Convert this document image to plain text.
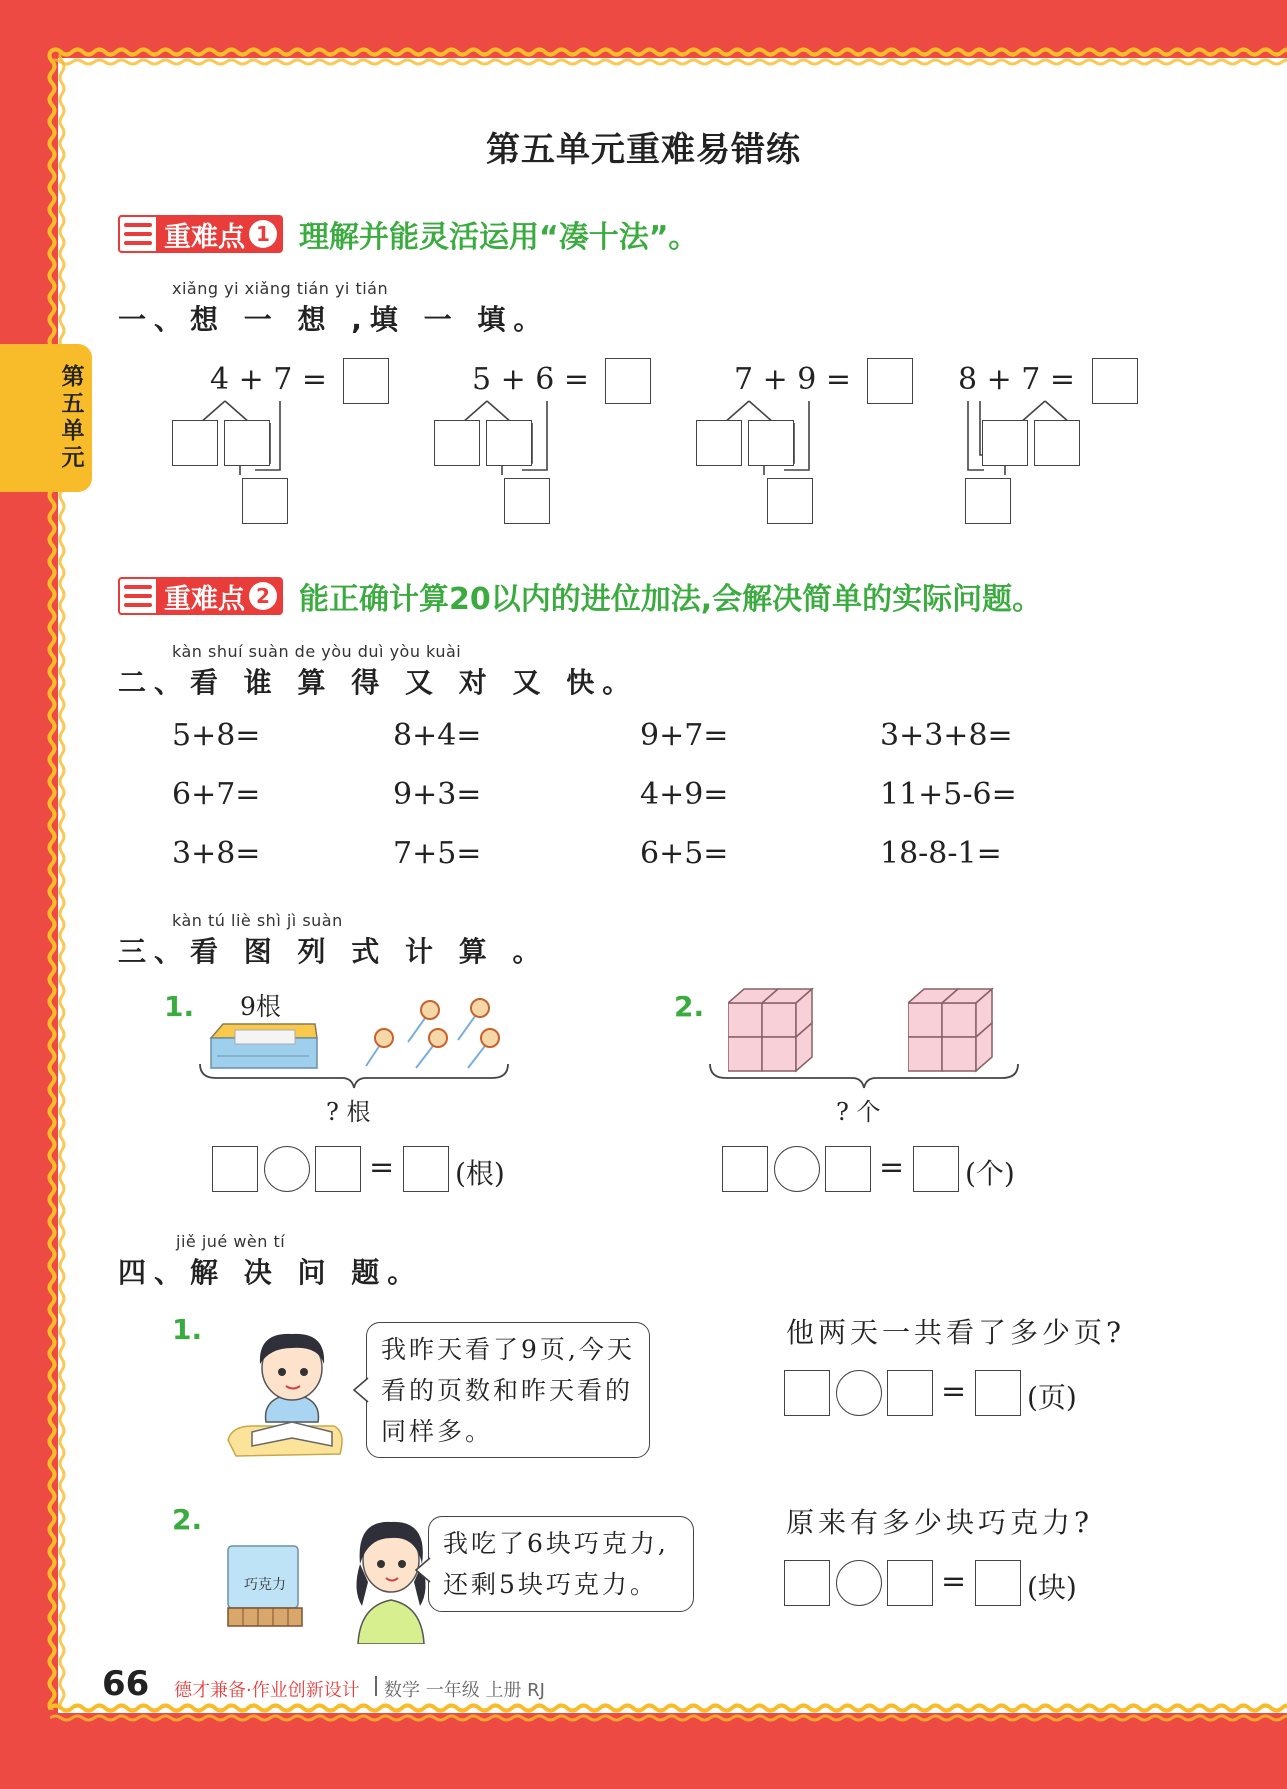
第五单元
第五单元重难易错练
重难点 1 理解并能灵活运用“凑十法”。
xiǎng yi xiǎng tián yi tián
一、想 一 想 ,填 一 填。
4 + 7 =	5 + 6 =	7 + 9 =	8 + 7 =
重难点 2 能正确计算20以内的进位加法,会解决简单的实际问题。
kàn shuí suàn de yòu duì yòu kuài
二、看 谁 算 得 又 对 又 快。
5+8=	8+4=	9+7=	3+3+8=
6+7=	9+3=	4+9=	11+5-6=
3+8=	7+5=	6+5=	18-8-1=
kàn tú liè shì jì suàn
三、看 图 列 式 计 算 。
1. 9根
? 根
= (根)
2.
? 个
= (个)
jiě jué wèn tí
四、解 决 问 题。
1.
我昨天看了9页,今天看的页数和昨天看的同样多。
他两天一共看了多少页?
= (页)
2.
巧克力
我吃了6块巧克力,还剩5块巧克力。
原来有多少块巧克力?
= (块)
66 德才兼备·作业创新设计 数学 一年级 上册 RJ
